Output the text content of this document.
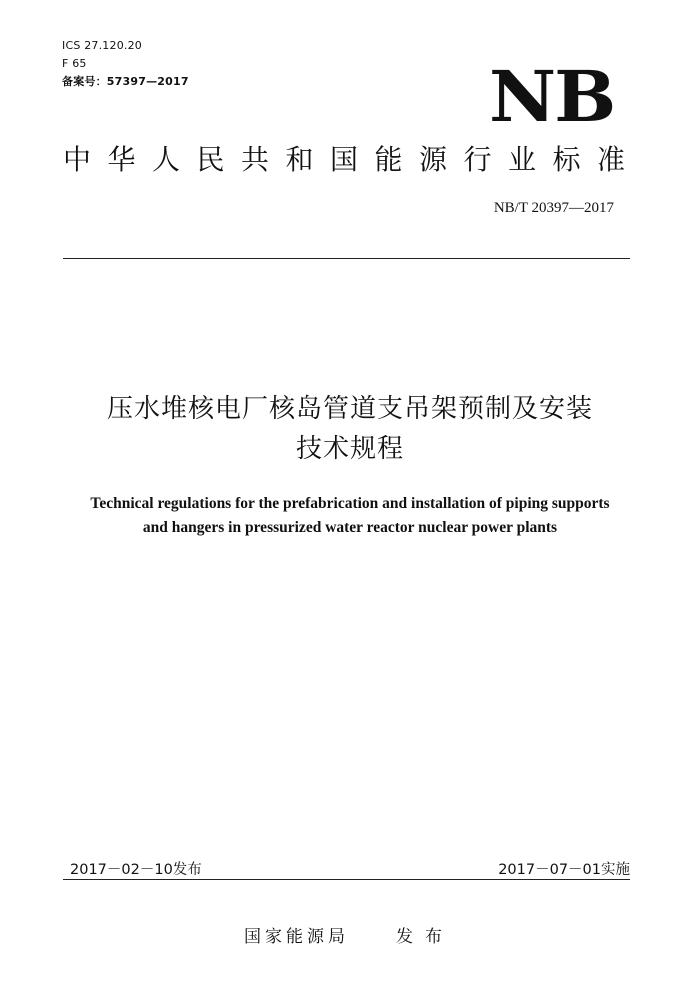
ICS 27.120.20
F 65
备案号：57397—2017	NB
中华人民共和国能源行业标准
NB/T 20397—2017
压水堆核电厂核岛管道支吊架预制及安装
技术规程
Technical regulations for the prefabrication and installation of piping supports
and hangers in pressurized water reactor nuclear power plants
2017－02－10发布	2017－07－01实施
国家能源局	发布
